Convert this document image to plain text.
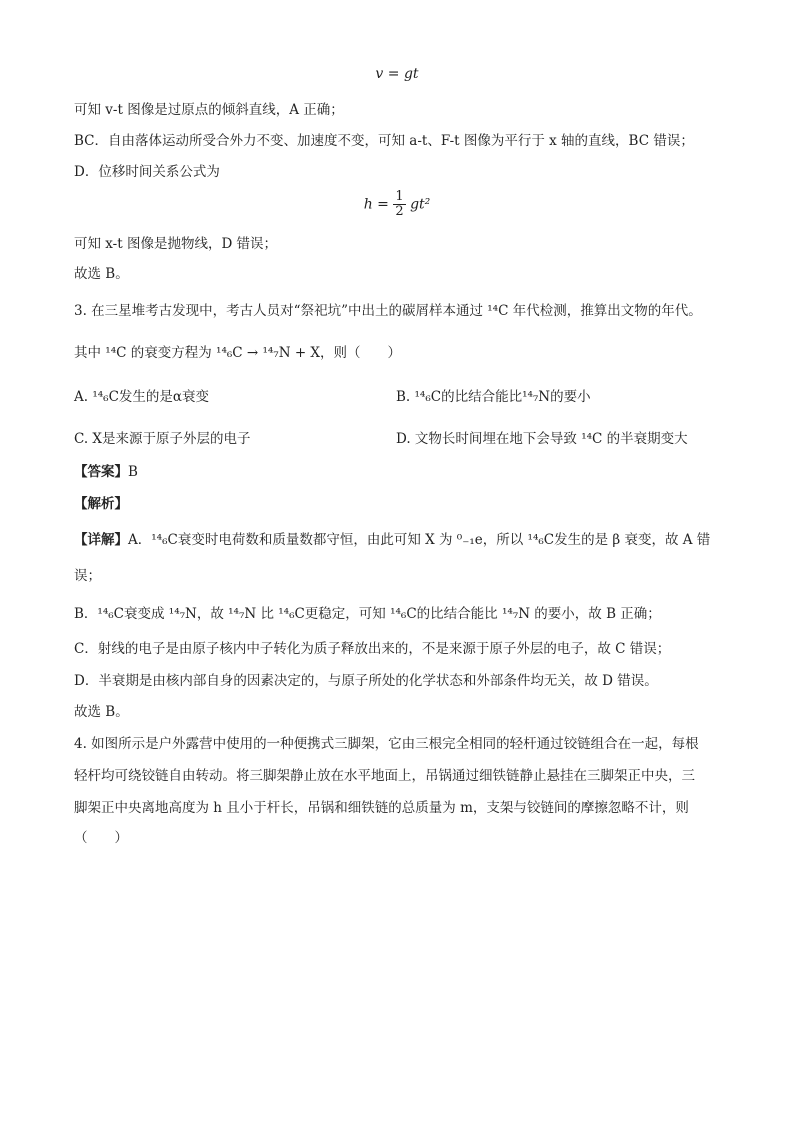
v = gt
可知 v-t 图像是过原点的倾斜直线，A 正确；
BC．自由落体运动所受合外力不变、加速度不变，可知 a-t、F-t 图像为平行于 x 轴的直线，BC 错误；
D．位移时间关系公式为
$h = \frac{1}{2} gt^2$
可知 x-t 图像是抛物线，D 错误；
故选 B。
3. 在三星堆考古发现中，考古人员对“祭祀坑”中出土的碳屑样本通过 ¹⁴C 年代检测，推算出文物的年代。
其中 ¹⁴C 的衰变方程为 ¹⁴₆C → ¹⁴₇N + X，则（　　）
A. ¹⁴₆C发生的是α衰变	B. ¹⁴₆C的比结合能比¹⁴₇N的要小
C. X是来源于原子外层的电子	D. 文物长时间埋在地下会导致 ¹⁴C 的半衰期变大
【答案】B
【解析】
【详解】A．¹⁴₆C衰变时电荷数和质量数都守恒，由此可知 X 为 ⁰₋₁e，所以 ¹⁴₆C发生的是 β 衰变，故 A 错
误；
B．¹⁴₆C衰变成 ¹⁴₇N，故 ¹⁴₇N 比 ¹⁴₆C更稳定，可知 ¹⁴₆C的比结合能比 ¹⁴₇N 的要小，故 B 正确；
C．射线的电子是由原子核内中子转化为质子释放出来的，不是来源于原子外层的电子，故 C 错误；
D．半衰期是由核内部自身的因素决定的，与原子所处的化学状态和外部条件均无关，故 D 错误。
故选 B。
4. 如图所示是户外露营中使用的一种便携式三脚架，它由三根完全相同的轻杆通过铰链组合在一起，每根
轻杆均可绕铰链自由转动。将三脚架静止放在水平地面上，吊锅通过细铁链静止悬挂在三脚架正中央，三
脚架正中央离地高度为 h 且小于杆长，吊锅和细铁链的总质量为 m，支架与铰链间的摩擦忽略不计，则
（　　）
